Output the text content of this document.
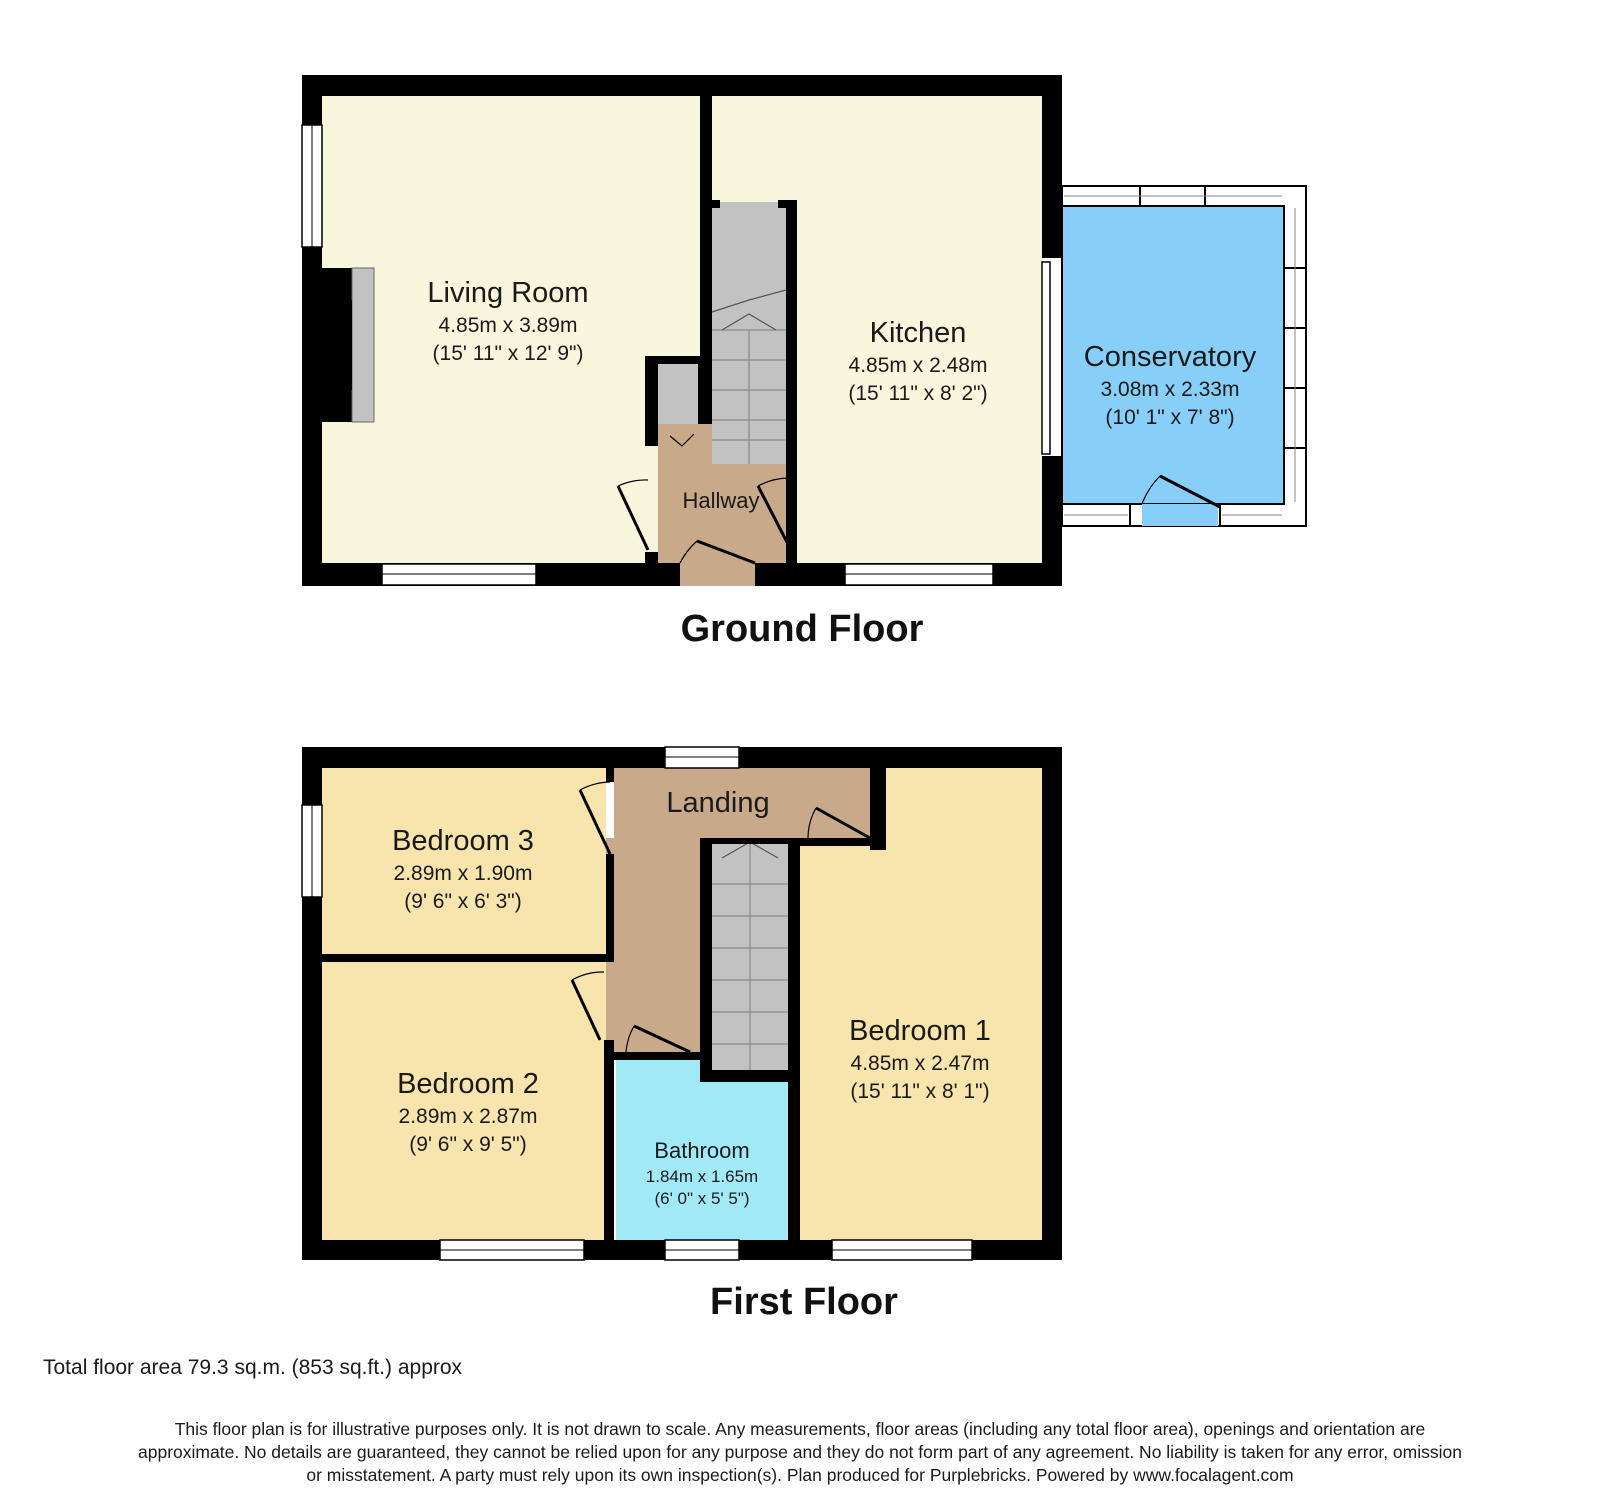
Living Room
4.85m x 3.89m
(15' 11" x 12' 9")
Kitchen
4.85m x 2.48m
(15' 11" x 8' 2")
Conservatory
3.08m x 2.33m
(10' 1" x 7' 8")
Hallway
Ground Floor
Bedroom 3
2.89m x 1.90m
(9' 6" x 6' 3")
Landing
Bedroom 1
4.85m x 2.47m
(15' 11" x 8' 1")
Bedroom 2
2.89m x 2.87m
(9' 6" x 9' 5")	Bathroom
1.84m x 1.65m
(6' 0" x 5' 5")
First Floor
Total floor area 79.3 sq.m. (853 sq.ft.) approx
This floor plan is for illustrative purposes only. It is not drawn to scale. Any measurements, floor areas (including any total floor area), openings and orientation are
approximate. No details are guaranteed, they cannot be relied upon for any purpose and they do not form part of any agreement. No liability is taken for any error, omission
or misstatement. A party must rely upon its own inspection(s). Plan produced for Purplebricks. Powered by www.focalagent.com
